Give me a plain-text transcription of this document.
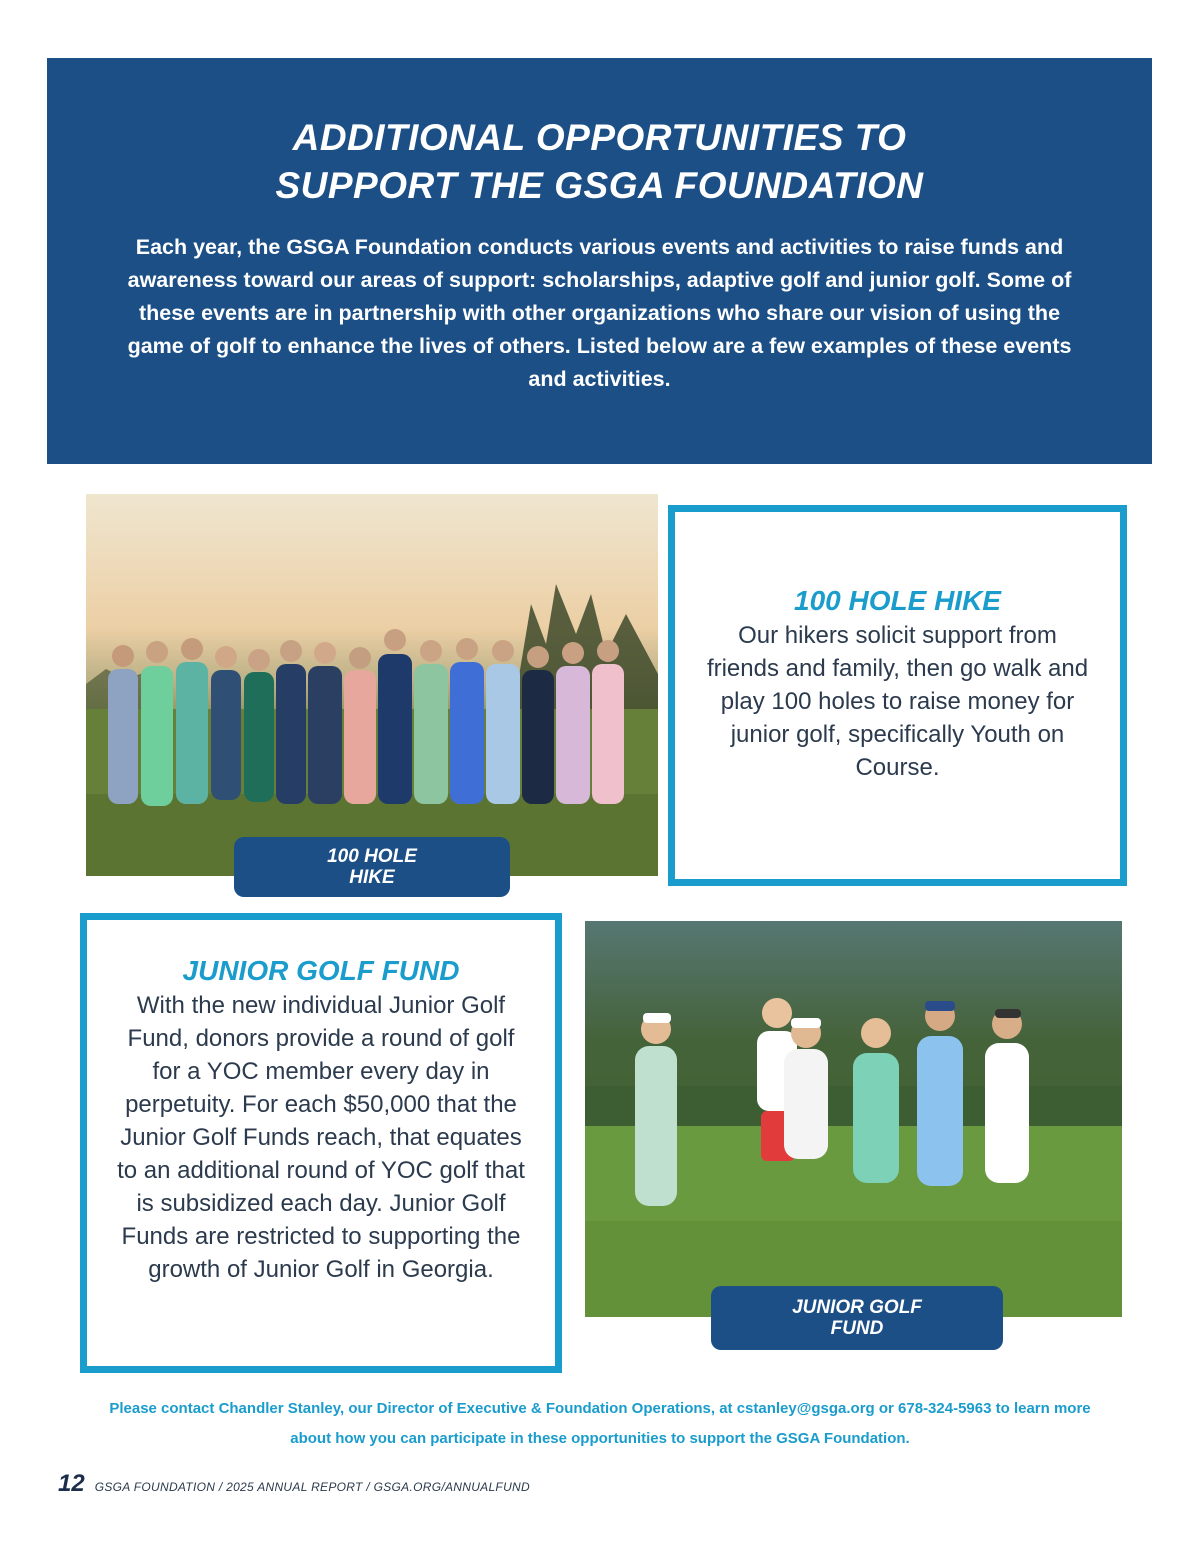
ADDITIONAL OPPORTUNITIES TO
SUPPORT THE GSGA FOUNDATION

Each year, the GSGA Foundation conducts various events and activities to raise funds and awareness toward our areas of support: scholarships, adaptive golf and junior golf. Some of these events are in partnership with other organizations who share our vision of using the game of golf to enhance the lives of others. Listed below are a few examples of these events and activities.

100 HOLE
HIKE
100 HOLE HIKE

Our hikers solicit support from friends and family, then go walk and play 100 holes to raise money for junior golf, specifically Youth on Course.

JUNIOR GOLF FUND

With the new individual Junior Golf Fund, donors provide a round of golf for a YOC member every day in perpetuity. For each $50,000 that the Junior Golf Funds reach, that equates to an additional round of YOC golf that is subsidized each day. Junior Golf Funds are restricted to supporting the growth of Junior Golf in Georgia.

JUNIOR GOLF
FUND

Please contact Chandler Stanley, our Director of Executive & Foundation Operations, at cstanley@gsga.org or 678-324-5963 to learn more
about how you can participate in these opportunities to support the GSGA Foundation.

12 GSGA FOUNDATION / 2025 ANNUAL REPORT / GSGA.ORG/ANNUALFUND
